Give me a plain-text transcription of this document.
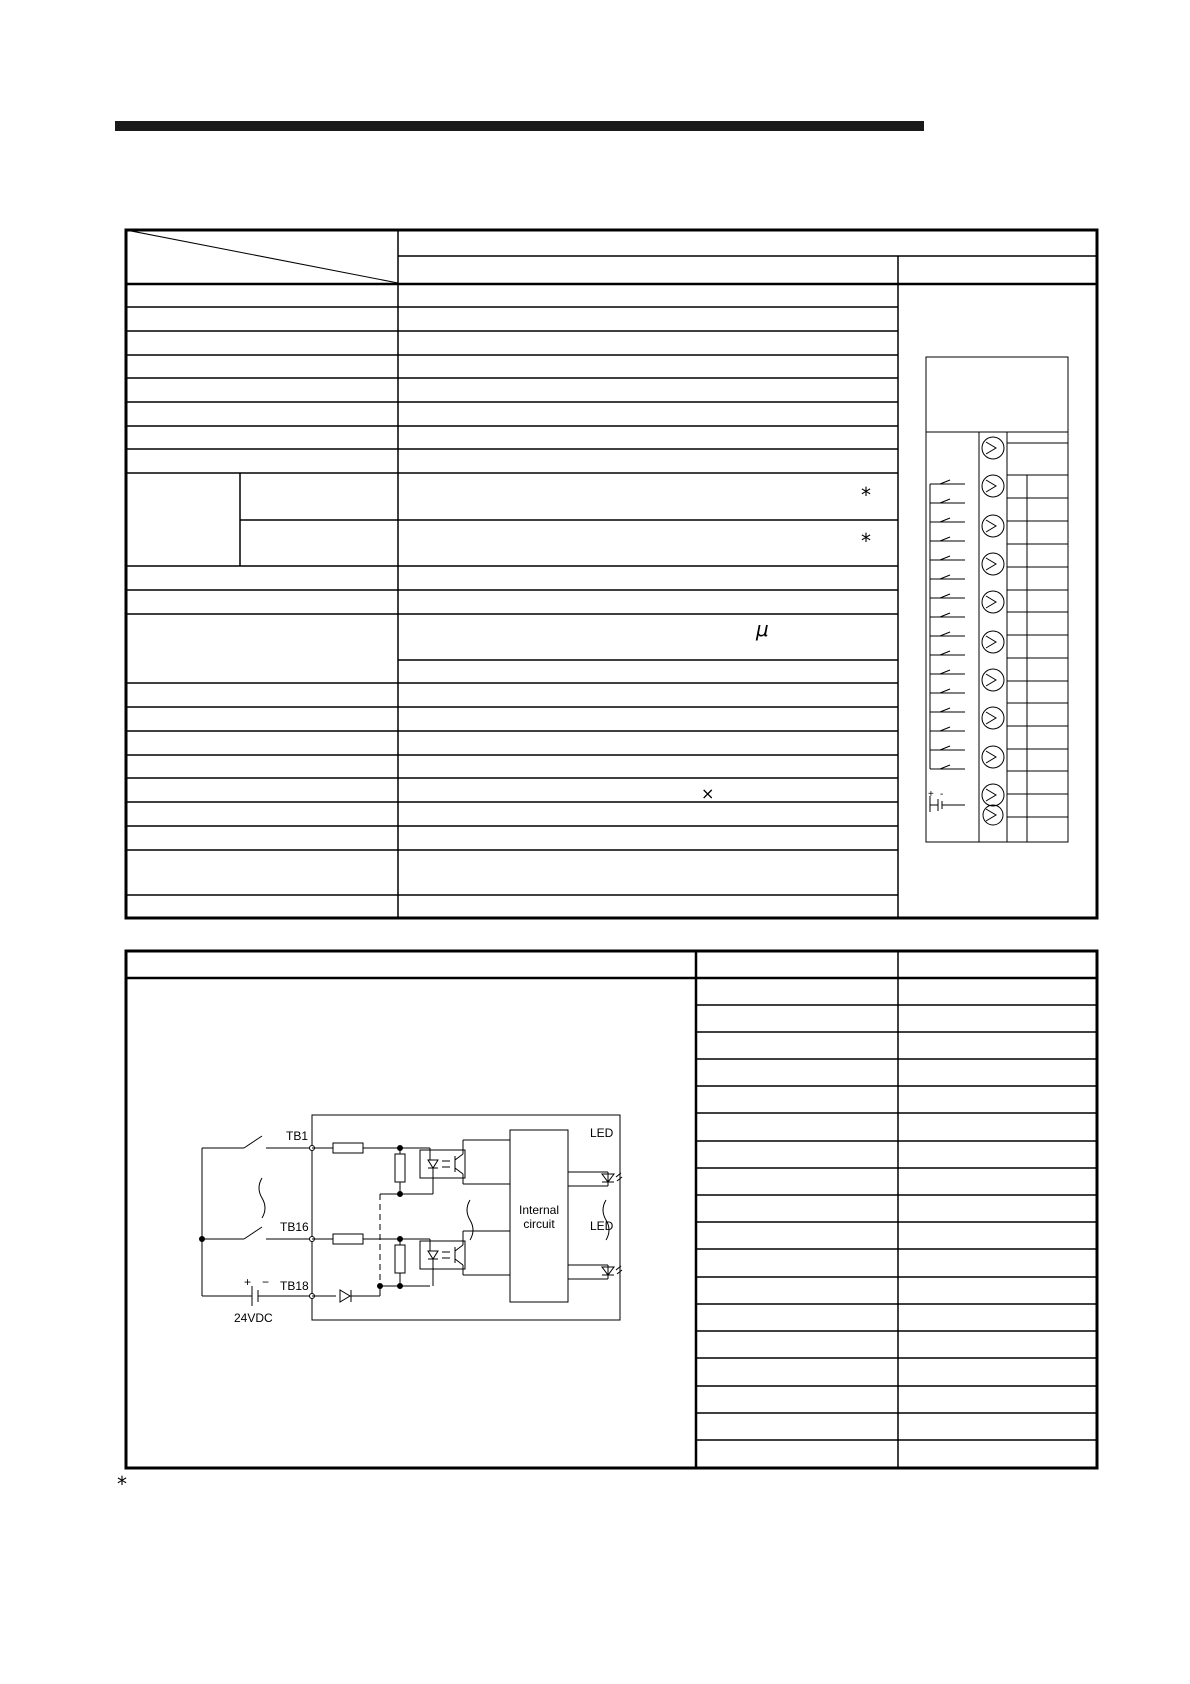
*
*
μ
×	+ -
TB1
TB16
TB18
+ −
24VDC
LED
LED
Internal
circuit
*
